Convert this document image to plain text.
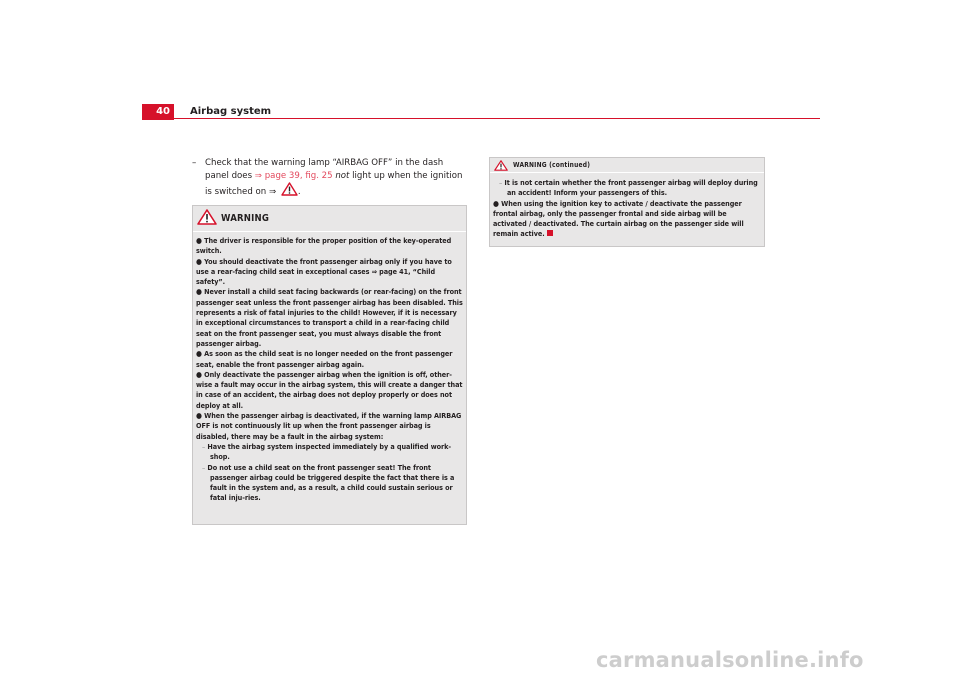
40	Airbag system
–	Check that the warning lamp “AIRBAG OFF” in the dash panel does ⇒ page 39, fig. 25 not light up when the ignition is switched on ⇒	.
WARNING
● The driver is responsible for the proper position of the key-operated switch.
● You should deactivate the front passenger airbag only if you have to use a rear-facing child seat in exceptional cases ⇒ page 41, “Child safety”.
● Never install a child seat facing backwards (or rear-facing) on the front passenger seat unless the front passenger airbag has been disabled. This represents a risk of fatal injuries to the child! However, if it is necessary in exceptional circumstances to transport a child in a rear-facing child seat on the front passenger seat, you must always disable the front passenger airbag.
● As soon as the child seat is no longer needed on the front passenger seat, enable the front passenger airbag again.
● Only deactivate the passenger airbag when the ignition is off, other-wise a fault may occur in the airbag system, this will create a danger that in case of an accident, the airbag does not deploy properly or does not deploy at all.
● When the passenger airbag is deactivated, if the warning lamp AIRBAG OFF is not continuously lit up when the front passenger airbag is disabled, there may be a fault in the airbag system:
– Have the airbag system inspected immediately by a qualified work-shop.
– Do not use a child seat on the front passenger seat! The front passenger airbag could be triggered despite the fact that there is a fault in the system and, as a result, a child could sustain serious or fatal inju-ries.
WARNING (continued)
– It is not certain whether the front passenger airbag will deploy during an accident! Inform your passengers of this.
● When using the ignition key to activate / deactivate the passenger frontal airbag, only the passenger frontal and side airbag will be activated / deactivated. The curtain airbag on the passenger side will remain active.
carmanualsonline.info
